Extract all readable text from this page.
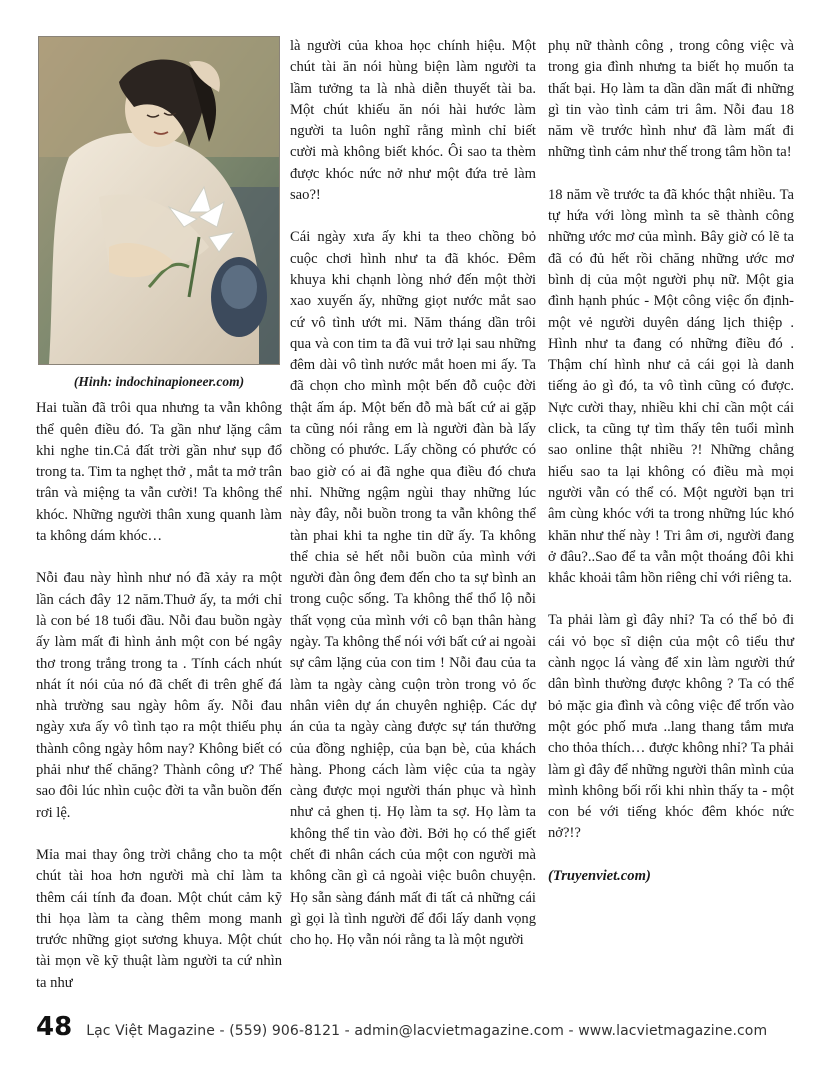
(Hinh: indochinapioneer.com)

Hai tuần đã trôi qua nhưng ta vẫn không thể quên điều đó. Ta gần như lặng câm khi nghe tin.Cả đất trời gần như sụp đổ trong ta. Tim ta nghẹt thở , mắt ta mở trân trân và miệng ta vẫn cười! Ta không thể khóc. Những người thân xung quanh làm ta không dám khóc…

Nỗi đau này hình như nó đã xảy ra một lần cách đây 12 năm.Thuở ấy, ta mới chỉ là con bé 18 tuổi đầu. Nỗi đau buồn ngày ấy làm mất đi hình ảnh một con bé ngây thơ trong trắng trong ta . Tính cách nhút nhát ít nói của nó đã chết đi trên ghế đá nhà trường sau ngày hôm ấy. Nỗi đau ngày xưa ấy vô tình tạo ra một thiếu phụ thành công ngày hôm nay? Không biết có phải như thế chăng? Thành công ư? Thế sao đôi lúc nhìn cuộc đời ta vẫn buồn đến rơi lệ.

Mỉa mai thay ông trời chẳng cho ta một chút tài hoa hơn người mà chỉ làm ta thêm cái tính đa đoan. Một chút cảm kỹ thi họa làm ta càng thêm mong manh trước những giọt sương khuya. Một chút tài mọn về kỹ thuật làm người ta cứ nhìn ta như

là người của khoa học chính hiệu. Một chút tài ăn nói hùng biện làm người ta lầm tưởng ta là nhà diễn thuyết tài ba. Một chút khiếu ăn nói hài hước làm người ta luôn nghĩ rằng mình chỉ biết cười mà không biết khóc. Ôi sao ta thèm được khóc nức nở như một đứa trẻ làm sao?!

Cái ngày xưa ấy khi ta theo chồng bỏ cuộc chơi hình như ta đã khóc. Đêm khuya khi chạnh lòng nhớ đến một thời xao xuyến ấy, những giọt nước mắt sao cứ vô tình ướt mi. Năm tháng dần trôi qua và con tim ta đã vui trở lại sau những đêm dài vô tình nước mắt hoen mi ấy. Ta đã chọn cho mình một bến đỗ cuộc đời thật ấm áp. Một bến đỗ mà bất cứ ai gặp ta cũng nói rằng em là người đàn bà lấy chồng có phước. Lấy chồng có phước có bao giờ có ai đã nghe qua điều đó chưa nhỉ. Những ngậm ngùi thay những lúc này đây, nỗi buồn trong ta vẫn không thể tàn phai khi ta nghe tin dữ ấy. Ta không thể chia sẻ hết nỗi buồn của mình với người đàn ông đem đến cho ta sự bình an trong cuộc sống. Ta không thể thổ lộ nỗi thất vọng của mình với cô bạn thân hàng ngày. Ta không thể nói với bất cứ ai ngoài sự câm lặng của con tim ! Nỗi đau của ta làm ta ngày càng cuộn tròn trong vỏ ốc nhân viên dự án chuyên nghiệp. Các dự án của ta ngày càng được sự tán thưởng của đồng nghiệp, của bạn bè, của khách hàng. Phong cách làm việc của ta ngày càng được mọi người thán phục và hình như cả ghen tị. Họ làm ta sợ. Họ làm ta không thể tin vào đời. Bởi họ có thể giết chết đi nhân cách của một con người mà không cần gì cả ngoài việc buôn chuyện. Họ sẵn sàng đánh mất đi tất cả những cái gì gọi là tình người để đổi lấy danh vọng cho họ. Họ vẫn nói rằng ta là một người

phụ nữ thành công , trong công việc và trong gia đình nhưng ta biết họ muốn ta thất bại. Họ làm ta dần dần mất đi những gì tin vào tình cảm tri âm. Nỗi đau 18 năm về trước hình như đã làm mất đi những tình cảm như thế trong tâm hồn ta!

18 năm về trước ta đã khóc thật nhiều. Ta tự hứa với lòng mình ta sẽ thành công những ước mơ của mình. Bây giờ có lẽ ta đã có đủ hết rồi chăng những ước mơ bình dị của một người phụ nữ. Một gia đình hạnh phúc - Một công việc ổn định- một vẻ người duyên dáng lịch thiệp . Hình như ta đang có những điều đó . Thậm chí hình như cả cái gọi là danh tiếng ảo gì đó, ta vô tình cũng có được. Nực cười thay, nhiều khi chỉ cần một cái click, ta cũng tự tìm thấy tên tuổi mình sao online thật nhiều ?! Những chẳng hiểu sao ta lại không có điều mà mọi người vẫn có thể có. Một người bạn tri âm cùng khóc với ta trong những lúc khó khăn như thế này ! Tri âm ơi, người đang ở đâu?..Sao để ta vẫn một thoáng đôi khi khắc khoải tâm hồn riêng chỉ với riêng ta.

Ta phải làm gì đây nhỉ? Ta có thể bỏ đi cái vỏ bọc sĩ diện của một cô tiểu thư cành ngọc lá vàng để xin làm người thứ dân bình thường được không ? Ta có thể bỏ mặc gia đình và công việc để trốn vào một góc phố mưa ..lang thang tắm mưa cho thỏa thích… được không nhỉ? Ta phải làm gì đây để những người thân mình của mình không bối rối khi nhìn thấy ta - một con bé với tiếng khóc đêm khóc nức nở?!?

(Truyenviet.com)

48 Lạc Việt Magazine - (559) 906-8121 - admin@lacvietmagazine.com - www.lacvietmagazine.com
